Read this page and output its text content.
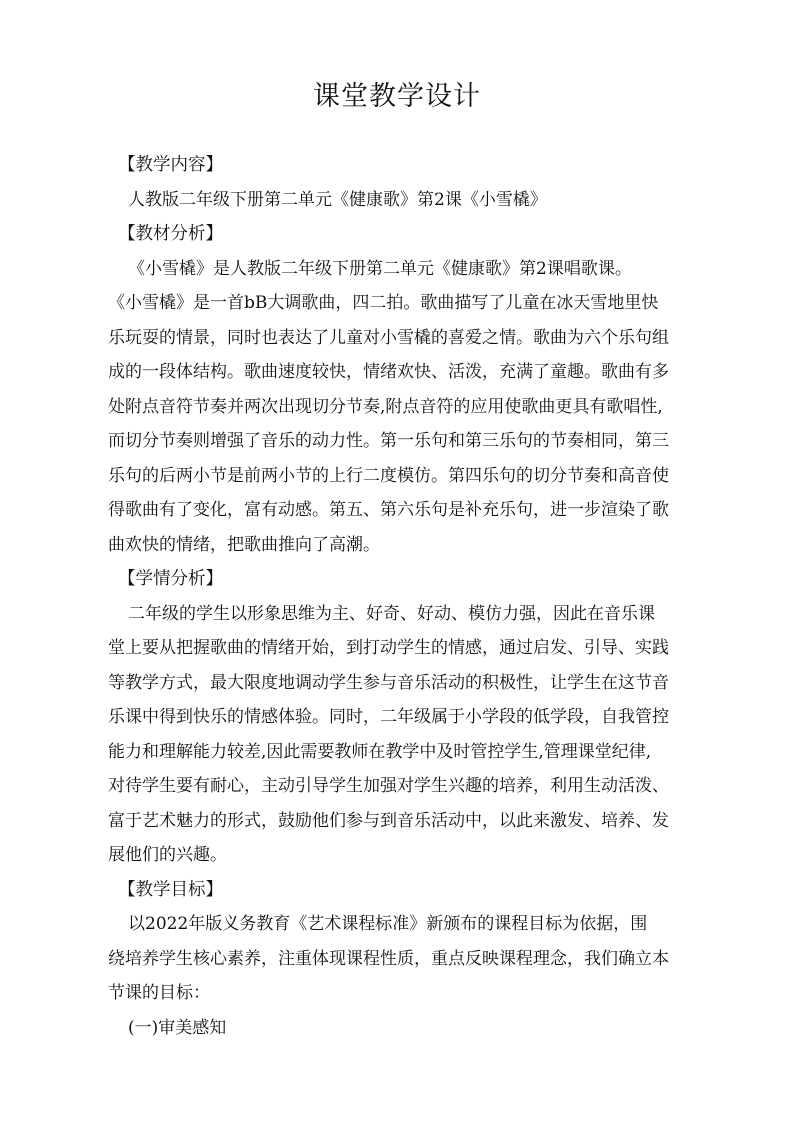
课堂教学设计
【教学内容】
人教版二年级下册第二单元《健康歌》第2课《小雪橇》
【教材分析】
《小雪橇》是人教版二年级下册第二单元《健康歌》第2课唱歌课。
《小雪橇》是一首bB大调歌曲，四二拍。歌曲描写了儿童在冰天雪地里快
乐玩耍的情景，同时也表达了儿童对小雪橇的喜爱之情。歌曲为六个乐句组
成的一段体结构。歌曲速度较快，情绪欢快、活泼，充满了童趣。歌曲有多
处附点音符节奏并两次出现切分节奏,附点音符的应用使歌曲更具有歌唱性,
而切分节奏则增强了音乐的动力性。第一乐句和第三乐句的节奏相同，第三
乐句的后两小节是前两小节的上行二度模仿。第四乐句的切分节奏和高音使
得歌曲有了变化，富有动感。第五、第六乐句是补充乐句，进一步渲染了歌
曲欢快的情绪，把歌曲推向了高潮。
【学情分析】
二年级的学生以形象思维为主、好奇、好动、模仿力强，因此在音乐课
堂上要从把握歌曲的情绪开始，到打动学生的情感，通过启发、引导、实践
等教学方式，最大限度地调动学生参与音乐活动的积极性，让学生在这节音
乐课中得到快乐的情感体验。同时，二年级属于小学段的低学段，自我管控
能力和理解能力较差,因此需要教师在教学中及时管控学生,管理课堂纪律,
对待学生要有耐心，主动引导学生加强对学生兴趣的培养，利用生动活泼、
富于艺术魅力的形式，鼓励他们参与到音乐活动中，以此来激发、培养、发
展他们的兴趣。
【教学目标】
以2022年版义务教育《艺术课程标准》新颁布的课程目标为依据，围
绕培养学生核心素养，注重体现课程性质，重点反映课程理念，我们确立本
节课的目标：
(一)审美感知
